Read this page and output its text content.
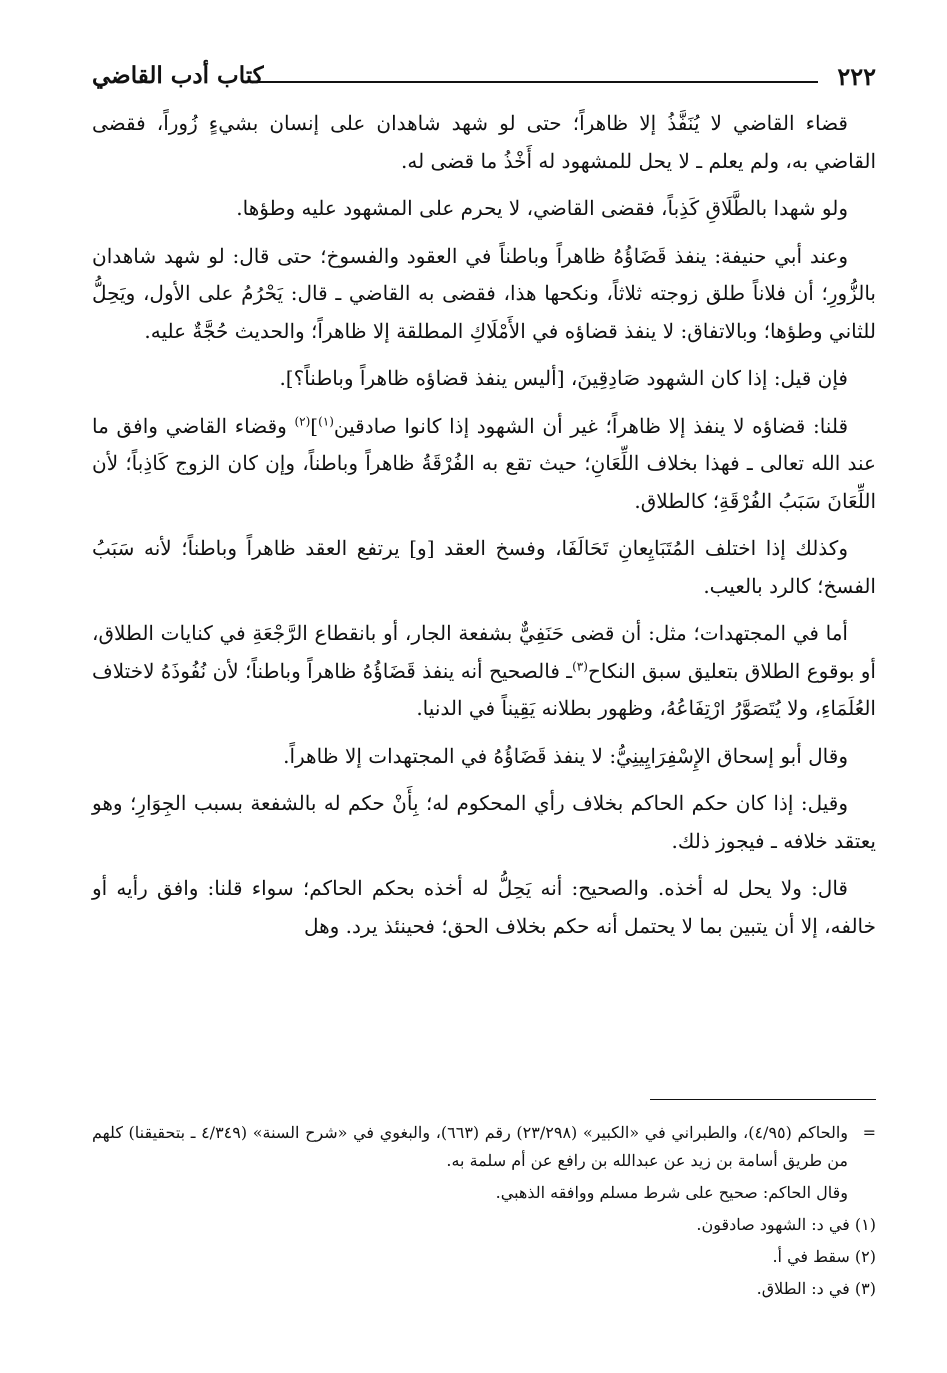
٢٢٢
كتاب أدب القاضي

قضاء القاضي لا يُنَفَّذُ إلا ظاهراً؛ حتى لو شهد شاهدان على إنسان بشيءٍ زُوراً، فقضى القاضي به، ولم يعلم ـ لا يحل للمشهود له أَخْذُ ما قضى له.

ولو شهدا بالطَّلَاقِ كَذِباً، فقضى القاضي، لا يحرم على المشهود عليه وطؤها.

وعند أبي حنيفة: ينفذ قَضَاؤُهُ ظاهراً وباطناً في العقود والفسوخ؛ حتى قال: لو شهد شاهدان بالزُّورِ؛ أن فلاناً طلق زوجته ثلاثاً، ونكحها هذا، فقضى به القاضي ـ قال: يَحْرُمُ على الأول، ويَحِلُّ للثاني وطؤها؛ وبالاتفاق: لا ينفذ قضاؤه في الأَمْلَاكِ المطلقة إلا ظاهراً؛ والحديث حُجَّةٌ عليه.

فإن قيل: إذا كان الشهود صَادِقِينَ، [أليس ينفذ قضاؤه ظاهراً وباطناً؟].

قلنا: قضاؤه لا ينفذ إلا ظاهراً؛ غير أن الشهود إذا كانوا صادقين$^{(١)}$]$^{(٢)}$ وقضاء القاضي وافق ما عند الله تعالى ـ فهذا بخلاف اللِّعَانِ؛ حيث تقع به الفُرْقَةُ ظاهراً وباطناً، وإن كان الزوج كَاذِباً؛ لأن اللِّعَانَ سَبَبُ الفُرْقَةِ؛ كالطلاق.

وكذلك إذا اختلف المُتَبَايِعانِ تَحَالَفَا، وفسخ العقد [و] يرتفع العقد ظاهراً وباطناً؛ لأنه سَبَبُ الفسخ؛ كالرد بالعيب.

أما في المجتهدات؛ مثل: أن قضى حَنَفِيٌّ بشفعة الجار، أو بانقطاع الرَّجْعَةِ في كنايات الطلاق، أو بوقوع الطلاق بتعليق سبق النكاح$^{(٣)}$ـ فالصحيح أنه ينفذ قَضَاؤُهُ ظاهراً وباطناً؛ لأن نُفُوذَهُ لاختلاف العُلَمَاءِ، ولا يُتَصَوَّرُ ارْتِفَاعُهُ، وظهور بطلانه يَقِيناً في الدنيا.

وقال أبو إسحاق الإِسْفِرَايِينِيُّ: لا ينفذ قَضَاؤُهُ في المجتهدات إلا ظاهراً.

وقيل: إذا كان حكم الحاكم بخلاف رأي المحكوم له؛ بِأَنْ حكم له بالشفعة بسبب الجِوَارِ؛ وهو يعتقد خلافه ـ فيجوز ذلك.

قال: ولا يحل له أخذه. والصحيح: أنه يَحِلُّ له أخذه بحكم الحاكم؛ سواء قلنا: وافق رأيه أو خالفه، إلا أن يتبين بما لا يحتمل أنه حكم بخلاف الحق؛ فحينئذ يرد. وهل

=
والحاكم (٤/٩٥)، والطبراني في «الكبير» (٢٣/٢٩٨) رقم (٦٦٣)، والبغوي في «شرح السنة» (٤/٣٤٩ ـ بتحقيقنا) كلهم من طريق أسامة بن زيد عن عبدالله بن رافع عن أم سلمة به.

وقال الحاكم: صحيح على شرط مسلم ووافقه الذهبي.

(١) في د: الشهود صادقون.

(٢) سقط في أ.

(٣) في د: الطلاق.
